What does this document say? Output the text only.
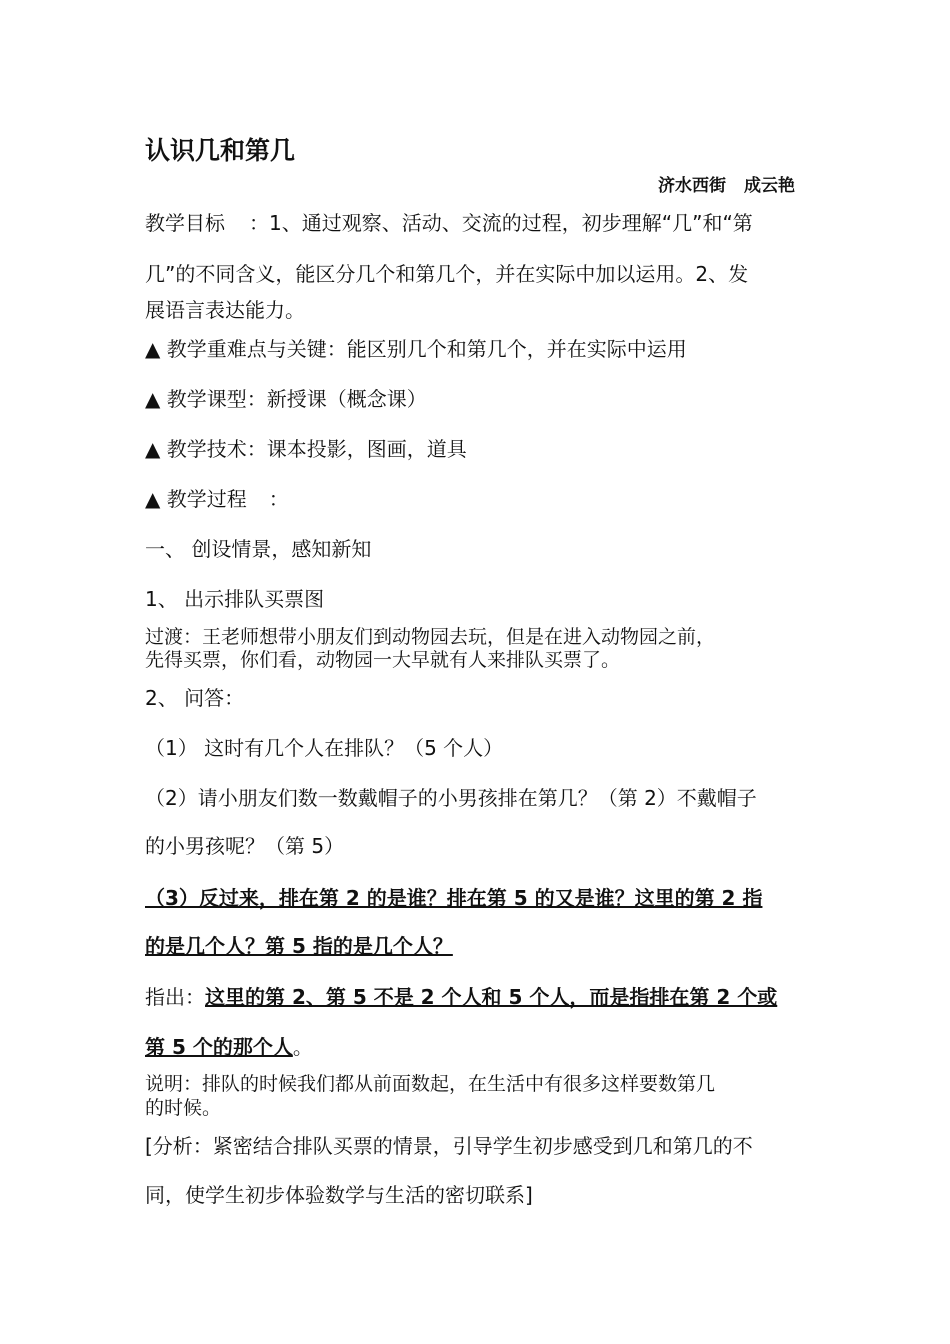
认识几和第几
济水西街 成云艳
教学目标 ：1、通过观察、活动、交流的过程，初步理解“几”和“第
几”的不同含义，能区分几个和第几个，并在实际中加以运用。2、发
展语言表达能力。
▲ 教学重难点与关键：能区别几个和第几个，并在实际中运用
▲ 教学课型：新授课（概念课）
▲ 教学技术：课本投影，图画，道具
▲ 教学过程 ：
一、 创设情景，感知新知
1、 出示排队买票图
过渡：王老师想带小朋友们到动物园去玩，但是在进入动物园之前，
先得买票，你们看，动物园一大早就有人来排队买票了。
2、 问答：
（1） 这时有几个人在排队？（5 个人）
（2）请小朋友们数一数戴帽子的小男孩排在第几？（第 2）不戴帽子
的小男孩呢？（第 5）
（3）反过来，排在第 2 的是谁？排在第 5 的又是谁？这里的第 2 指
的是几个人？第 5 指的是几个人？
指出：这里的第 2、第 5 不是 2 个人和 5 个人，而是指排在第 2 个或
第 5 个的那个人。
说明：排队的时候我们都从前面数起，在生活中有很多这样要数第几
的时候。
[分析：紧密结合排队买票的情景，引导学生初步感受到几和第几的不
同，使学生初步体验数学与生活的密切联系]
